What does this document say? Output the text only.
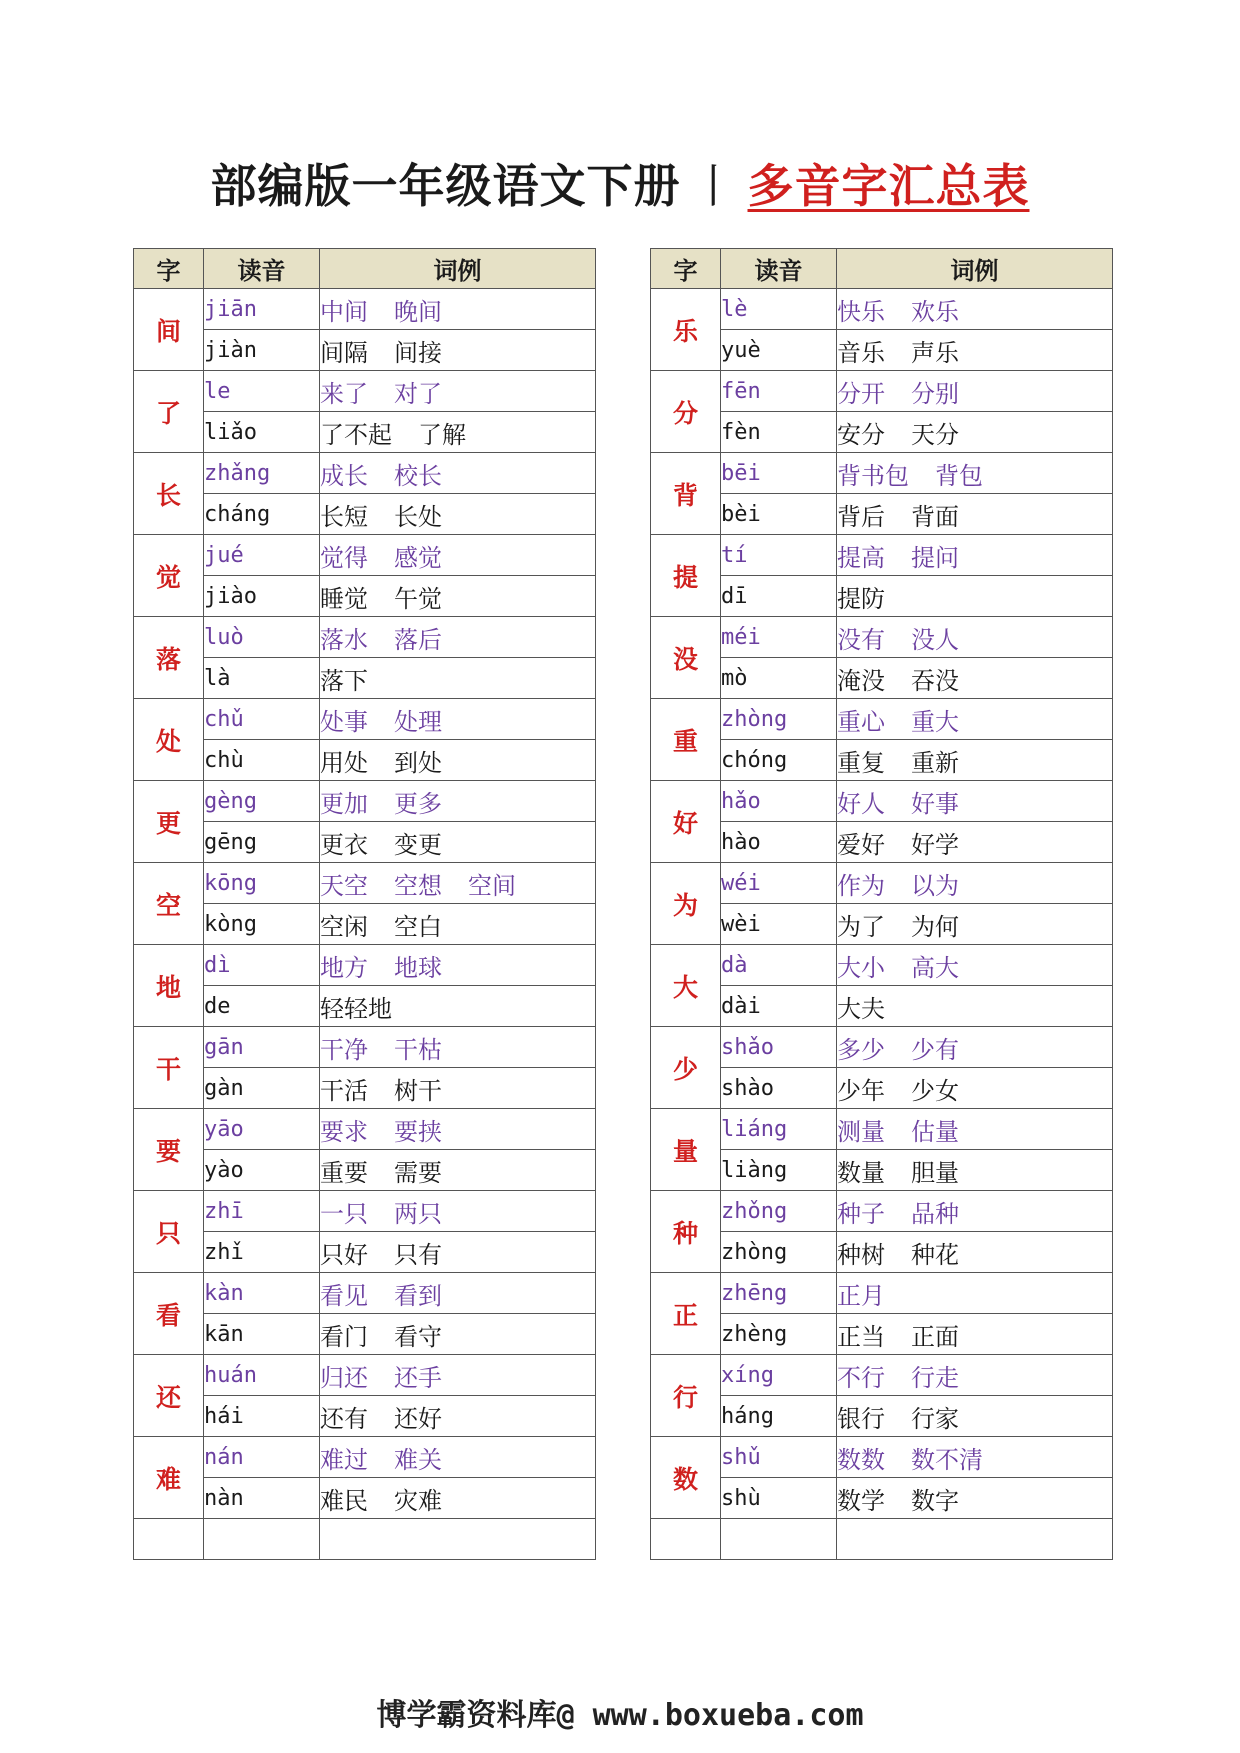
部编版一年级语文下册 丨 多音字汇总表
字	读音	词例
间	jiān	中间 晚间
	jiàn	间隔 间接
了	le	来了 对了
	liǎo	了不起 了解
长	zhǎng	成长 校长
	cháng	长短 长处
觉	jué	觉得 感觉
	jiào	睡觉 午觉
落	luò	落水 落后
	là	落下
处	chǔ	处事 处理
	chù	用处 到处
更	gèng	更加 更多
	gēng	更衣 变更
空	kōng	天空 空想 空间
	kòng	空闲 空白
地	dì	地方 地球
	de	轻轻地
干	gān	干净 干枯
	gàn	干活 树干
要	yāo	要求 要挟
	yào	重要 需要
只	zhī	一只 两只
	zhǐ	只好 只有
看	kàn	看见 看到
	kān	看门 看守
还	huán	归还 还手
	hái	还有 还好
难	nán	难过 难关
	nàn	难民 灾难

字	读音	词例
乐	lè	快乐 欢乐
	yuè	音乐 声乐
分	fēn	分开 分别
	fèn	安分 天分
背	bēi	背书包 背包
	bèi	背后 背面
提	tí	提高 提问
	dī	提防
没	méi	没有 没人
	mò	淹没 吞没
重	zhòng	重心 重大
	chóng	重复 重新
好	hǎo	好人 好事
	hào	爱好 好学
为	wéi	作为 以为
	wèi	为了 为何
大	dà	大小 高大
	dài	大夫
少	shǎo	多少 少有
	shào	少年 少女
量	liáng	测量 估量
	liàng	数量 胆量
种	zhǒng	种子 品种
	zhòng	种树 种花
正	zhēng	正月
	zhèng	正当 正面
行	xíng	不行 行走
	háng	银行 行家
数	shǔ	数数 数不清
	shù	数学 数字

博学霸资料库@ www.boxueba.com
